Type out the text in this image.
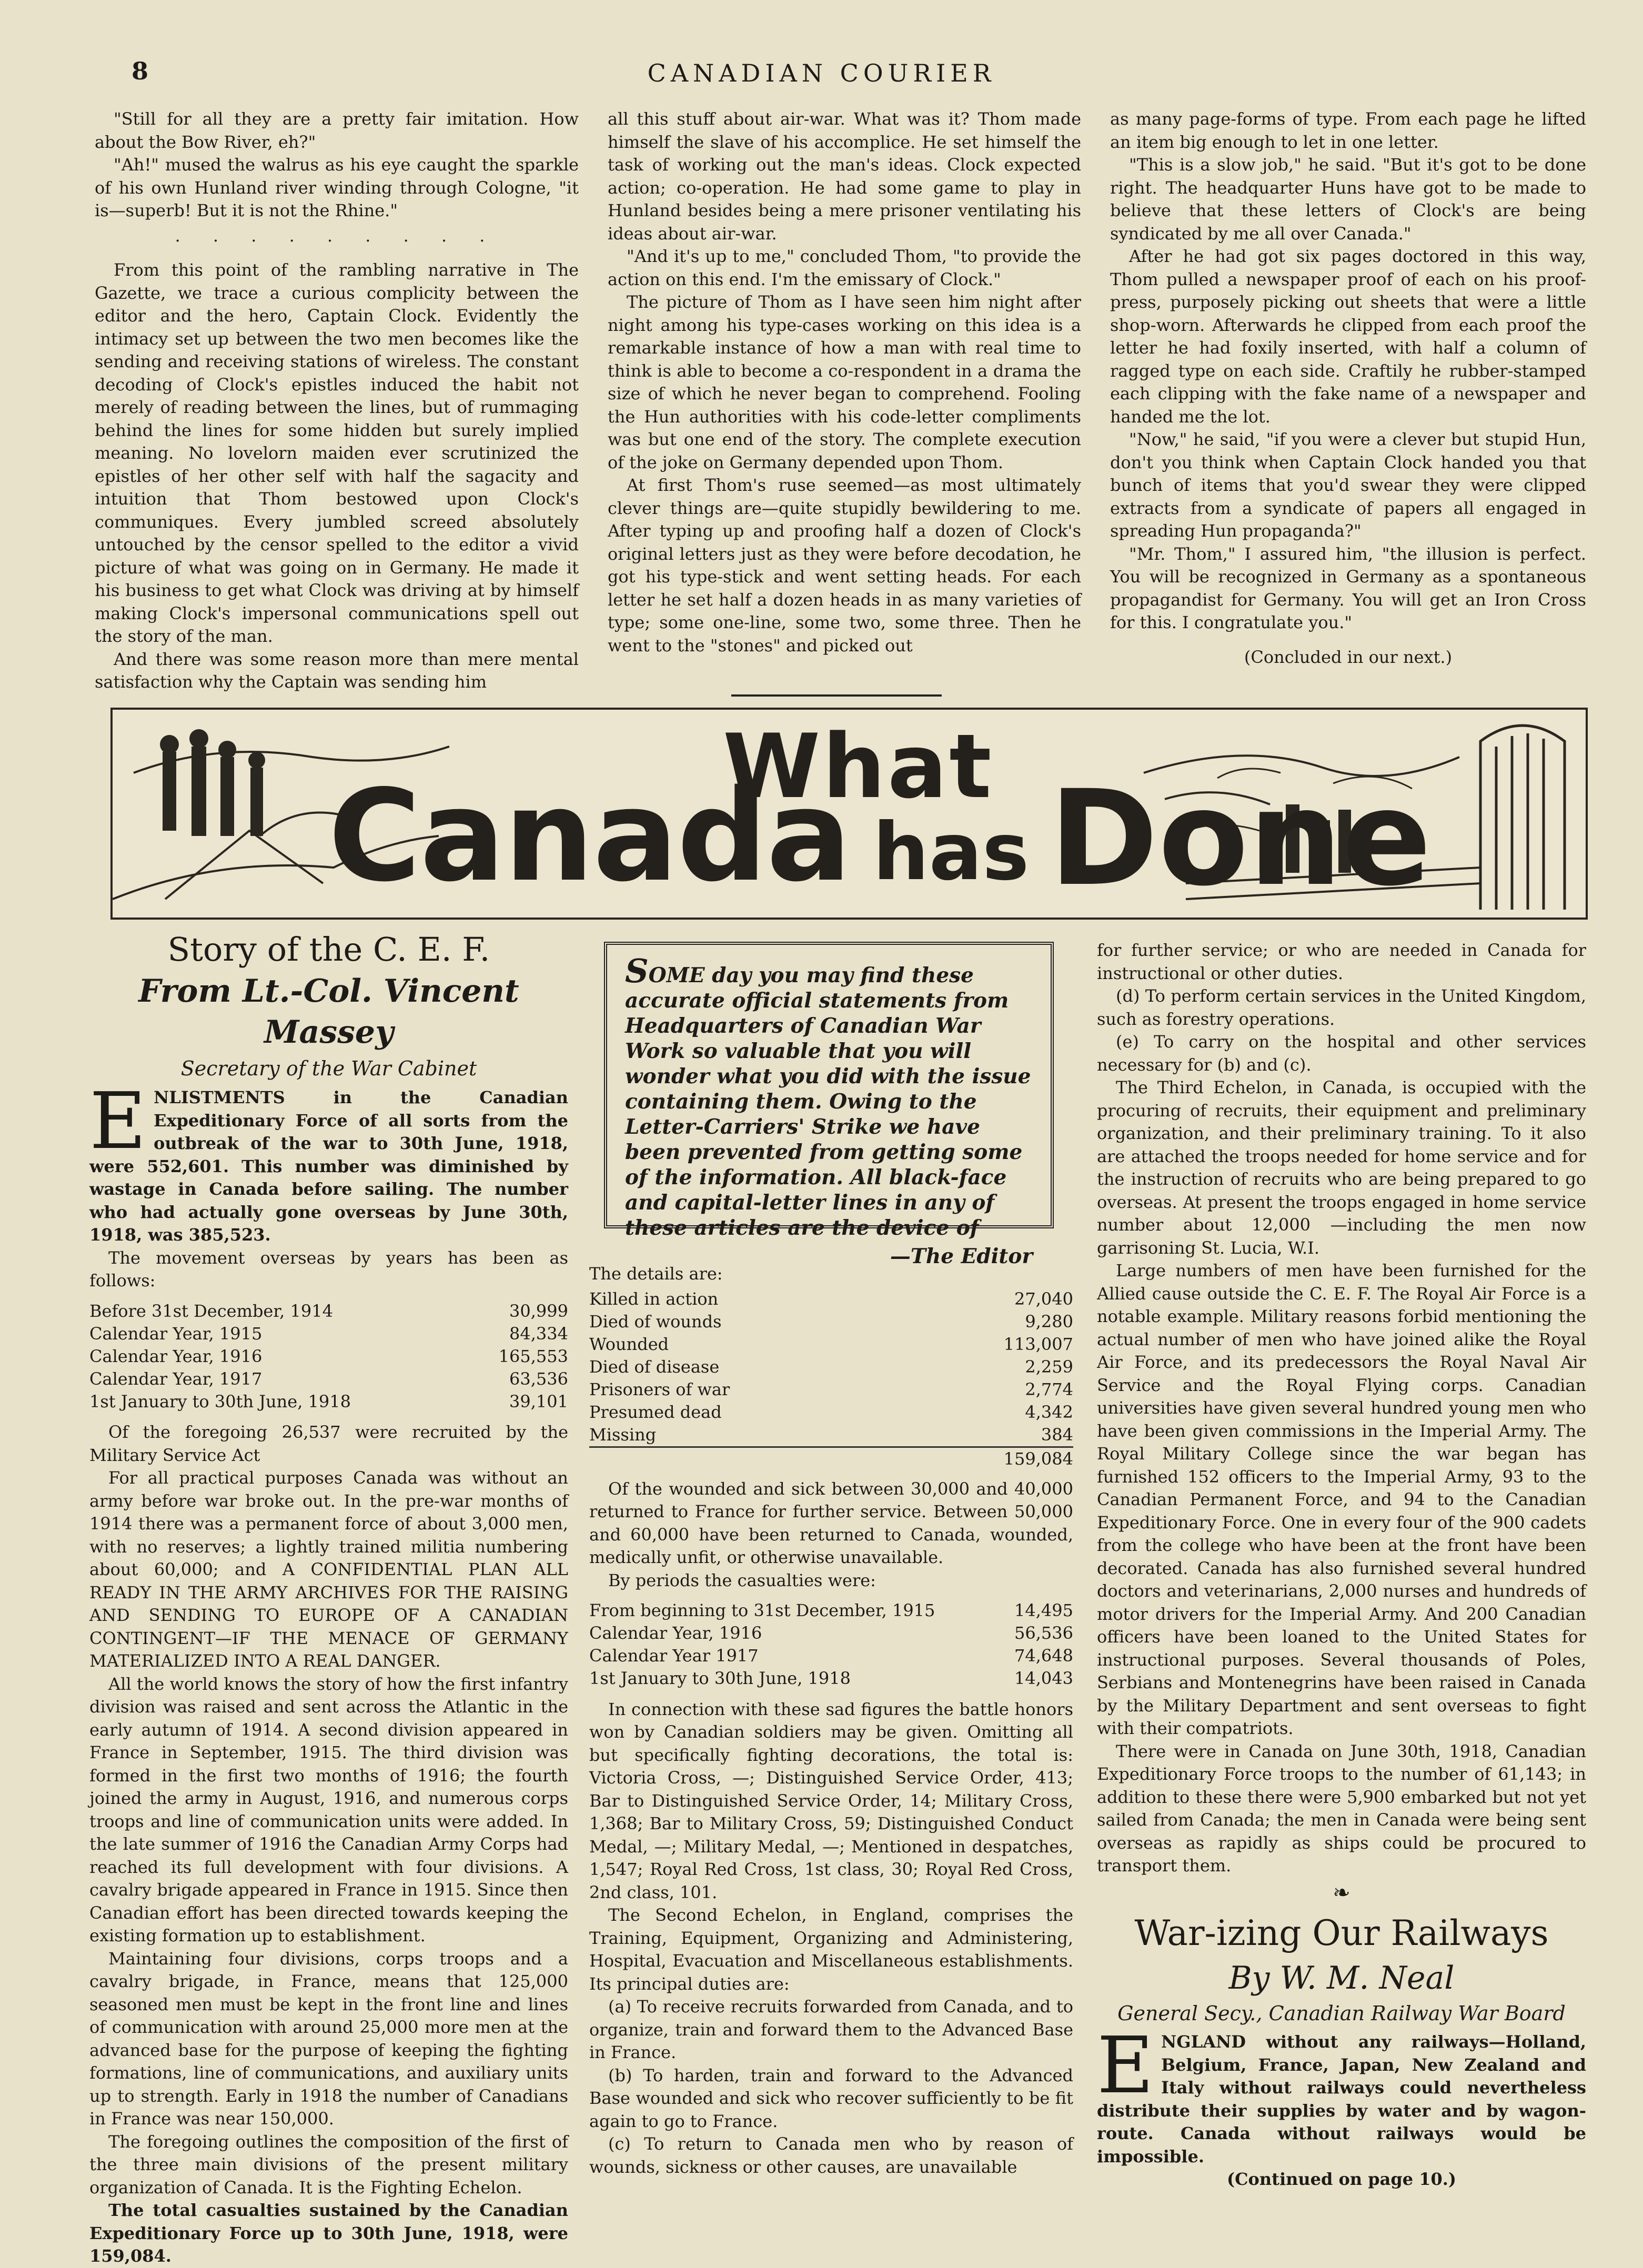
8	CANADIAN COURIER

"Still for all they are a pretty fair imitation. How about the Bow River, eh?"

"Ah!" mused the walrus as his eye caught the sparkle of his own Hunland river winding through Cologne, "it is—superb! But it is not the Rhine."

. . . . . . . . .

From this point of the rambling narrative in The Gazette, we trace a curious complicity between the editor and the hero, Captain Clock. Evidently the intimacy set up between the two men becomes like the sending and receiving stations of wireless. The constant decoding of Clock's epistles induced the habit not merely of reading between the lines, but of rummaging behind the lines for some hidden but surely implied meaning. No lovelorn maiden ever scrutinized the epistles of her other self with half the sagacity and intuition that Thom bestowed upon Clock's communiques. Every jumbled screed absolutely untouched by the censor spelled to the editor a vivid picture of what was going on in Germany. He made it his business to get what Clock was driving at by himself making Clock's impersonal communications spell out the story of the man.

And there was some reason more than mere mental satisfaction why the Captain was sending him

all this stuff about air-war. What was it? Thom made himself the slave of his accomplice. He set himself the task of working out the man's ideas. Clock expected action; co-operation. He had some game to play in Hunland besides being a mere prisoner ventilating his ideas about air-war.

"And it's up to me," concluded Thom, "to provide the action on this end. I'm the emissary of Clock."

The picture of Thom as I have seen him night after night among his type-cases working on this idea is a remarkable instance of how a man with real time to think is able to become a co-respondent in a drama the size of which he never began to comprehend. Fooling the Hun authorities with his code-letter compliments was but one end of the story. The complete execution of the joke on Germany depended upon Thom.

At first Thom's ruse seemed—as most ultimately clever things are—quite stupidly bewildering to me. After typing up and proofing half a dozen of Clock's original letters just as they were before decodation, he got his type-stick and went setting heads. For each letter he set half a dozen heads in as many varieties of type; some one-line, some two, some three. Then he went to the "stones" and picked out

as many page-forms of type. From each page he lifted an item big enough to let in one letter.

"This is a slow job," he said. "But it's got to be done right. The headquarter Huns have got to be made to believe that these letters of Clock's are being syndicated by me all over Canada."

After he had got six pages doctored in this way, Thom pulled a newspaper proof of each on his proof-press, purposely picking out sheets that were a little shop-worn. Afterwards he clipped from each proof the letter he had foxily inserted, with half a column of ragged type on each side. Craftily he rubber-stamped each clipping with the fake name of a newspaper and handed me the lot.

"Now," he said, "if you were a clever but stupid Hun, don't you think when Captain Clock handed you that bunch of items that you'd swear they were clipped extracts from a syndicate of papers all engaged in spreading Hun propaganda?"

"Mr. Thom," I assured him, "the illusion is perfect. You will be recognized in Germany as a spontaneous propagandist for Germany. You will get an Iron Cross for this. I congratulate you."

(Concluded in our next.)
What
Canada has Done
Story of the C. E. F.
From Lt.-Col. Vincent Massey
Secretary of the War Cabinet

ENLISTMENTS in the Canadian Expeditionary Force of all sorts from the outbreak of the war to 30th June, 1918, were 552,601. This number was diminished by wastage in Canada before sailing. The number who had actually gone overseas by June 30th, 1918, was 385,523.

The movement overseas by years has been as follows:

Before 31st December, 1914		30,999
Calendar Year, 1915		84,334
Calendar Year, 1916		165,553
Calendar Year, 1917		63,536
1st January to 30th June, 1918		39,101

Of the foregoing 26,537 were recruited by the Military Service Act

For all practical purposes Canada was without an army before war broke out. In the pre-war months of 1914 there was a permanent force of about 3,000 men, with no reserves; a lightly trained militia numbering about 60,000; and A CONFIDENTIAL PLAN ALL READY IN THE ARMY ARCHIVES FOR THE RAISING AND SENDING TO EUROPE OF A CANADIAN CONTINGENT—IF THE MENACE OF GERMANY MATERIALIZED INTO A REAL DANGER.

All the world knows the story of how the first infantry division was raised and sent across the Atlantic in the early autumn of 1914. A second division appeared in France in September, 1915. The third division was formed in the first two months of 1916; the fourth joined the army in August, 1916, and numerous corps troops and line of communication units were added. In the late summer of 1916 the Canadian Army Corps had reached its full development with four divisions. A cavalry brigade appeared in France in 1915. Since then Canadian effort has been directed towards keeping the existing formation up to establishment.

Maintaining four divisions, corps troops and a cavalry brigade, in France, means that 125,000 seasoned men must be kept in the front line and lines of communication with around 25,000 more men at the advanced base for the purpose of keeping the fighting formations, line of communications, and auxiliary units up to strength. Early in 1918 the number of Canadians in France was near 150,000.

The foregoing outlines the composition of the first of the three main divisions of the present military organization of Canada. It is the Fighting Echelon.

The total casualties sustained by the Canadian Expeditionary Force up to 30th June, 1918, were 159,084.

SOME day you may find these accurate official statements from Headquarters of Canadian War Work so valuable that you will wonder what you did with the issue containing them. Owing to the Letter-Carriers' Strike we have been prevented from getting some of the information. All black-face and capital-letter lines in any of these articles are the device of
—The Editor

The details are:

Killed in action		27,040
Died of wounds		9,280
Wounded		113,007
Died of disease		2,259
Prisoners of war		2,774
Presumed dead		4,342
Missing		384
		159,084

Of the wounded and sick between 30,000 and 40,000 returned to France for further service. Between 50,000 and 60,000 have been returned to Canada, wounded, medically unfit, or otherwise unavailable.

By periods the casualties were:

From beginning to 31st December, 1915		14,495
Calendar Year, 1916		56,536
Calendar Year 1917		74,648
1st January to 30th June, 1918		14,043

In connection with these sad figures the battle honors won by Canadian soldiers may be given. Omitting all but specifically fighting decorations, the total is: Victoria Cross, —; Distinguished Service Order, 413; Bar to Distinguished Service Order, 14; Military Cross, 1,368; Bar to Military Cross, 59; Distinguished Conduct Medal, —; Military Medal, —; Mentioned in despatches, 1,547; Royal Red Cross, 1st class, 30; Royal Red Cross, 2nd class, 101.

The Second Echelon, in England, comprises the Training, Equipment, Organizing and Administering, Hospital, Evacuation and Miscellaneous establishments. Its principal duties are:

(a) To receive recruits forwarded from Canada, and to organize, train and forward them to the Advanced Base in France.

(b) To harden, train and forward to the Advanced Base wounded and sick who recover sufficiently to be fit again to go to France.

(c) To return to Canada men who by reason of wounds, sickness or other causes, are unavailable

for further service; or who are needed in Canada for instructional or other duties.

(d) To perform certain services in the United Kingdom, such as forestry operations.

(e) To carry on the hospital and other services necessary for (b) and (c).

The Third Echelon, in Canada, is occupied with the procuring of recruits, their equipment and preliminary organization, and their preliminary training. To it also are attached the troops needed for home service and for the instruction of recruits who are being prepared to go overseas. At present the troops engaged in home service number about 12,000 —including the men now garrisoning St. Lucia, W.I.

Large numbers of men have been furnished for the Allied cause outside the C. E. F. The Royal Air Force is a notable example. Military reasons forbid mentioning the actual number of men who have joined alike the Royal Air Force, and its predecessors the Royal Naval Air Service and the Royal Flying corps. Canadian universities have given several hundred young men who have been given commissions in the Imperial Army. The Royal Military College since the war began has furnished 152 officers to the Imperial Army, 93 to the Canadian Permanent Force, and 94 to the Canadian Expeditionary Force. One in every four of the 900 cadets from the college who have been at the front have been decorated. Canada has also furnished several hundred doctors and veterinarians, 2,000 nurses and hundreds of motor drivers for the Imperial Army. And 200 Canadian officers have been loaned to the United States for instructional purposes. Several thousands of Poles, Serbians and Montenegrins have been raised in Canada by the Military Department and sent overseas to fight with their compatriots.

There were in Canada on June 30th, 1918, Canadian Expeditionary Force troops to the number of 61,143; in addition to these there were 5,900 embarked but not yet sailed from Canada; the men in Canada were being sent overseas as rapidly as ships could be procured to transport them.

❧
War-izing Our Railways
By W. M. Neal
General Secy., Canadian Railway War Board

ENGLAND without any railways—Holland, Belgium, France, Japan, New Zealand and Italy without railways could nevertheless distribute their supplies by water and by wagon-route. Canada without railways would be impossible.

(Continued on page 10.)
